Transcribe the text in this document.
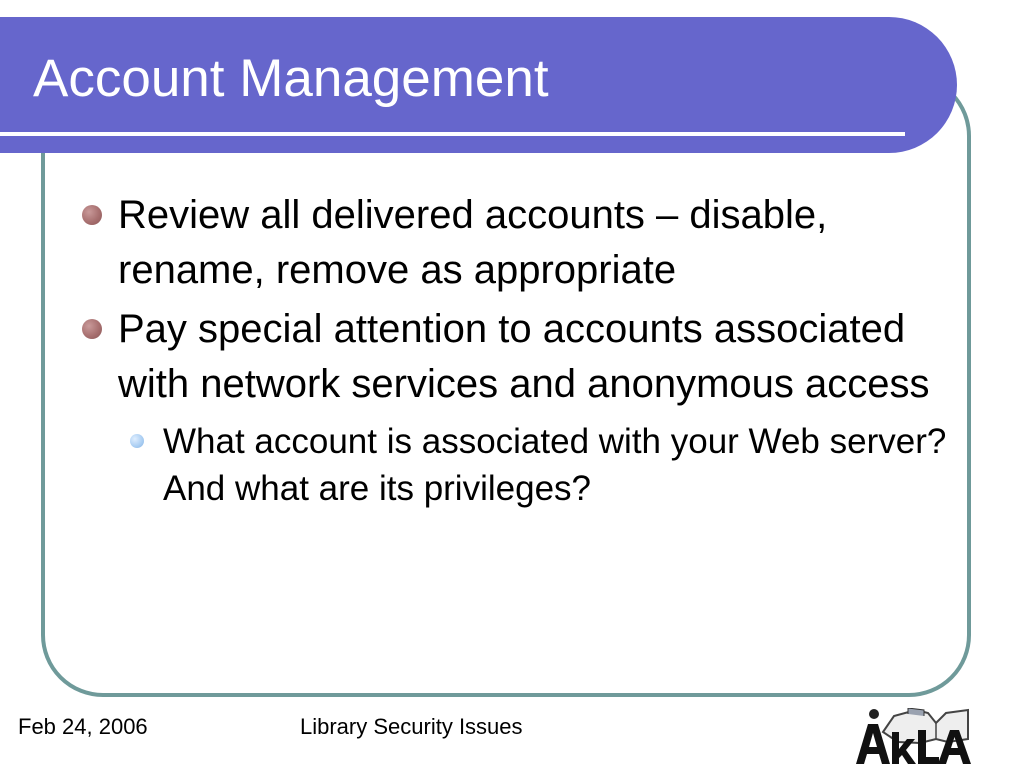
Account Management
Review all delivered accounts – disable, rename, remove as appropriate
Pay special attention to accounts associated with network services and anonymous access
What account is associated with your Web server? And what are its privileges?
Feb 24, 2006	Library Security Issues
